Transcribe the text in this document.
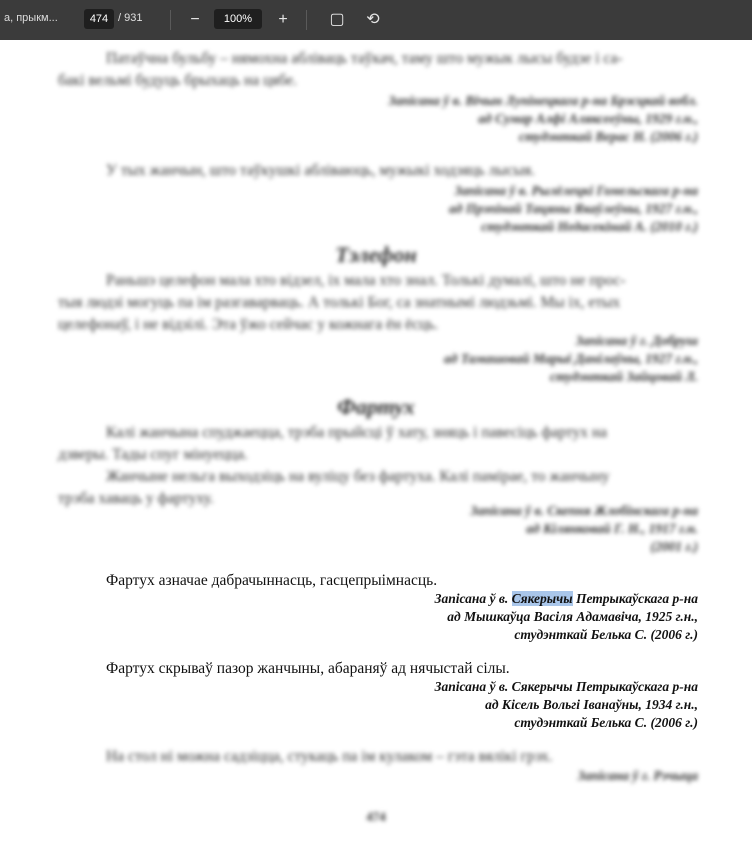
а, прыкм...	474 / 931	−	100%	+	▢ ⟲

Патаўчна бульбу – нямохна абліваць таўкач, таму што мужык лысы будзе і са-

бакі вельмі будуць брыхаць на цябе.

Запісана ў в. Вічын Лупінецкага р-на Брэсцкай вобл.

ад Сумар Алфі Аляксееўны, 1929 г.н.,

студэнткай Верас Н. (2006 г.)

У тых жанчын, што таўкушкі абліваюць, мужыкі ходзяць лысыя.

Запісана ў в. Рылёлецкі Гомельскага р-на

ад Прэпінай Тацяны Якаўлеўны, 1927 г.н.,

студэнткай Недасекінай А. (2010 г.)

Тэлефон

Раньшэ целефон мала хто відзел, іх мала хто знал. Толькі думалі, што не прос-

тыя людзі могуць па ім разгаварваць. А толькі Бог, са знатнымі людзьмі. Мы іх, етых

целефонаў, і не відзілі. Эта ўжо сейчас у кожнага ён ёсць.

Запісана ў г. Добруш

ад Тамашовай Марыі Данілаўны, 1927 г.н.,

студэнткай Зайцовай Л.

Фартух

Калі жанчына спуджаецца, трэба прыйсці ў хату, зняць і павесіць фартух на

дзверы. Тады спуг мінуецца.

Жанчыне нельга выходзіць на вуліцу без фартуха. Калі памірае, то жанчыну

трэба хаваць у фартуху.

Запісана ў в. Скепня Жлобінскага р-на

ад Кілянковай Г. Н., 1917 г.н.

(2001 г.)

Фартух азначае дабрачыннасць, гасцепрыімнасць.

Запісана ў в. Сякерычы Петрыкаўскага р-на

ад Мышкаўца Васіля Адамавіча, 1925 г.н.,

студэнткай Белька С. (2006 г.)

Фартух скрываў пазор жанчыны, абараняў ад нячыстай сілы.

Запісана ў в. Сякерычы Петрыкаўскага р-на

ад Кісель Вольгі Іванаўны, 1934 г.н.,

студэнткай Белька С. (2006 г.)

На стол ні можна садзіцца, стукаць па ім кулаком – гэта вялікі грэх.

Запісана ў г. Рэчыца

474
